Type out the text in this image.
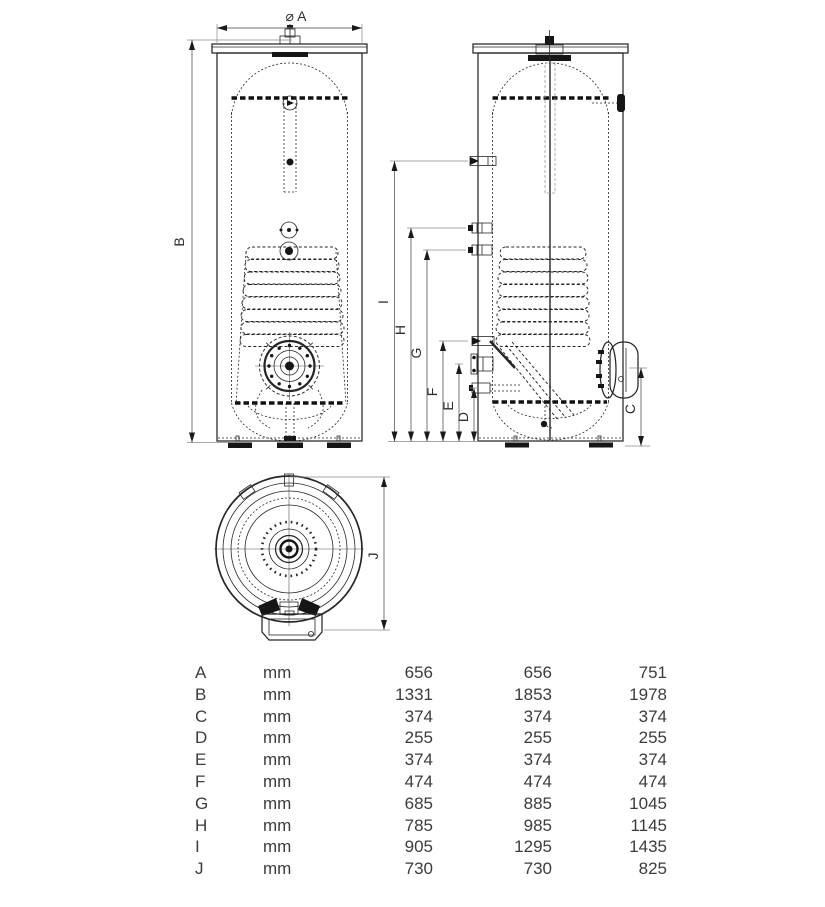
⌀ A
B
I
H
G
F
E
D
C
J
A	mm	656	656	751
B	mm	1331	1853	1978
C	mm	374	374	374
D	mm	255	255	255
E	mm	374	374	374
F	mm	474	474	474
G	mm	685	885	1045
H	mm	785	985	1145
I	mm	905	1295	1435
J	mm	730	730	825
